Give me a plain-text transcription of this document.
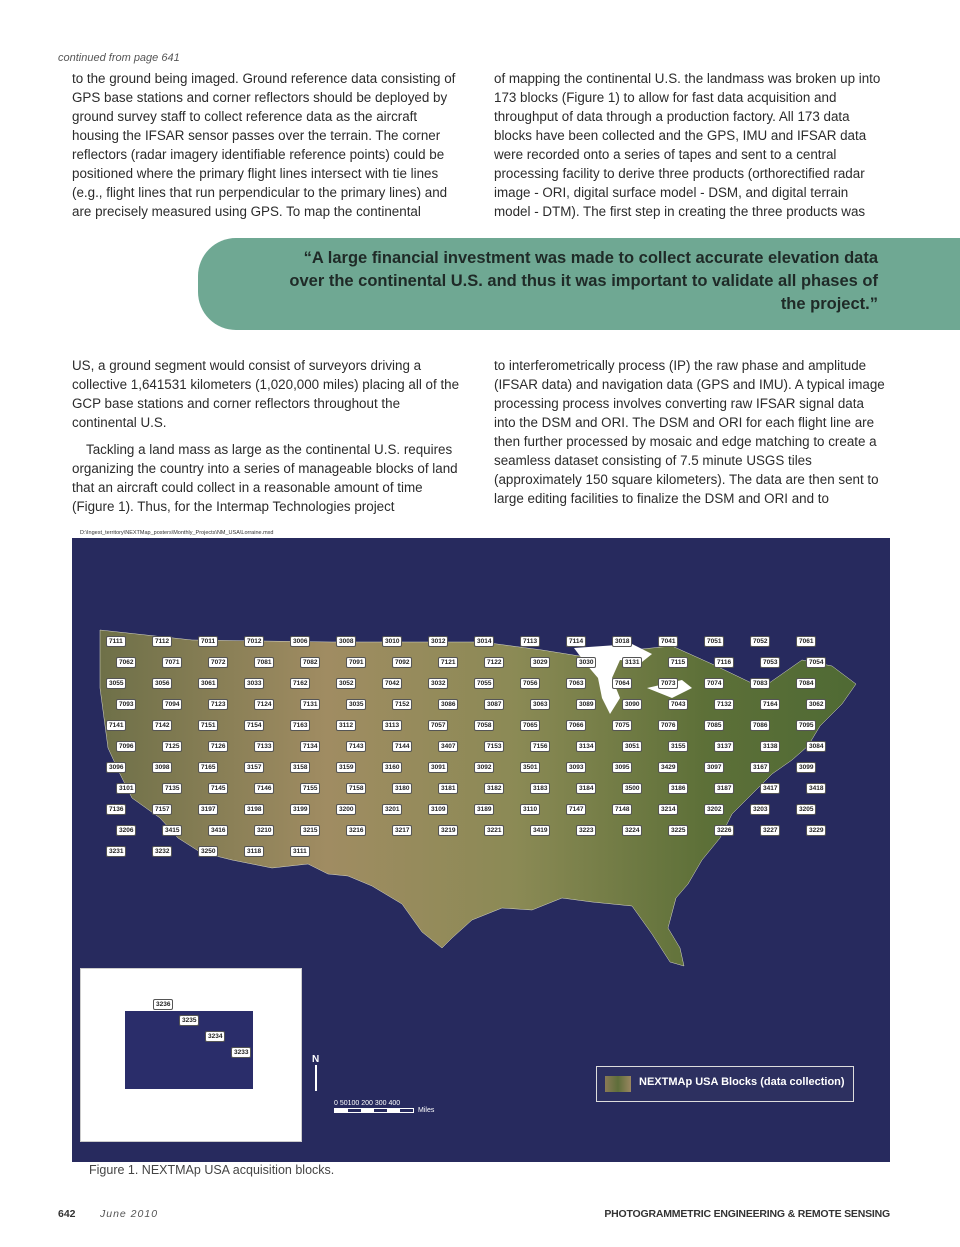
continued from page 641

to the ground being imaged. Ground reference data consisting of GPS base stations and corner reflectors should be deployed by ground survey staff to collect reference data as the aircraft housing the IFSAR sensor passes over the terrain. The corner reflectors (radar imagery identifiable reference points) could be positioned where the primary flight lines intersect with tie lines (e.g., flight lines that run perpendicular to the primary lines) and are precisely measured using GPS. To map the continental

of mapping the continental U.S. the landmass was broken up into 173 blocks (Figure 1) to allow for fast data acquisition and throughput of data through a production factory. All 173 data blocks have been collected and the GPS, IMU and IFSAR data were recorded onto a series of tapes and sent to a central processing facility to derive three products (orthorectified radar image - ORI, digital surface model - DSM, and digital terrain model - DTM). The first step in creating the three products was

“A large financial investment was made to collect accurate elevation data over the continental U.S. and thus it was important to validate all phases of the project.”

US, a ground segment would consist of surveyors driving a collective 1,641531 kilometers (1,020,000 miles) placing all of the GCP base stations and corner reflectors throughout the continental U.S.

Tackling a land mass as large as the continental U.S. requires organizing the country into a series of manageable blocks of land that an aircraft could collect in a reasonable amount of time (Figure 1). Thus, for the Intermap Technologies project

to interferometrically process (IP) the raw phase and amplitude (IFSAR data) and navigation data (GPS and IMU). A typical image processing process involves converting raw IFSAR signal data into the DSM and ORI. The DSM and ORI for each flight line are then further processed by mosaic and edge matching to create a seamless dataset consisting of 7.5 minute USGS tiles (approximately 150 square kilometers). The data are then sent to large editing facilities to finalize the DSM and ORI and to

D:\Ingest_territory\NEXTMap_posters\Monthly_Projects\NM_USA\Lorraine.mxd
7111	7112	7011	7012	3006	3008	3010	3012	3014	7113	7114	3018	7041	7051	7052	7061
7062	7071	7072	7081	7082	7091	7092	7121	7122	3029	3030	3131	7115	7116	7053	7054
3055	3056	3061	3033	7162	3052	7042	3032	7055	7056	7063	7064	7073	7074	7083	7084
7093	7094	7123	7124	7131	3035	7152	3086	3087	3063	3089	3090	7043	7132	7164	3062
7141	7142	7151	7154	7163	3112	3113	7057	7058	7065	7066	7075	7076	7085	7086	7095
7096	7125	7126	7133	7134	7143	7144	3407	7153	7156	3134	3051	3155	3137	3138	3084
3096	3098	7165	3157	3158	3159	3160	3091	3092	3501	3093	3095	3429	3097	3167	3099
3101	7135	7145	7146	7155	7158	3180	3181	3182	3183	3184	3500	3186	3187	3417	3418
7136	7157	3197	3198	3199	3200	3201	3109	3189	3110	7147	7148	3214	3202	3203	3205
3206	3415	3416	3210	3215	3216	3217	3219	3221	3419	3223	3224	3225	3226	3227	3229
3231	3232	3250	3118	3111
3236
3235
3234
3233
N
0 50100 200 300 400
Miles
NEXTMAp USA Blocks (data collection)
Figure 1. NEXTMAp USA acquisition blocks.
642 June 2010	PHOTOGRAMMETRIC ENGINEERING & REMOTE SENSING
